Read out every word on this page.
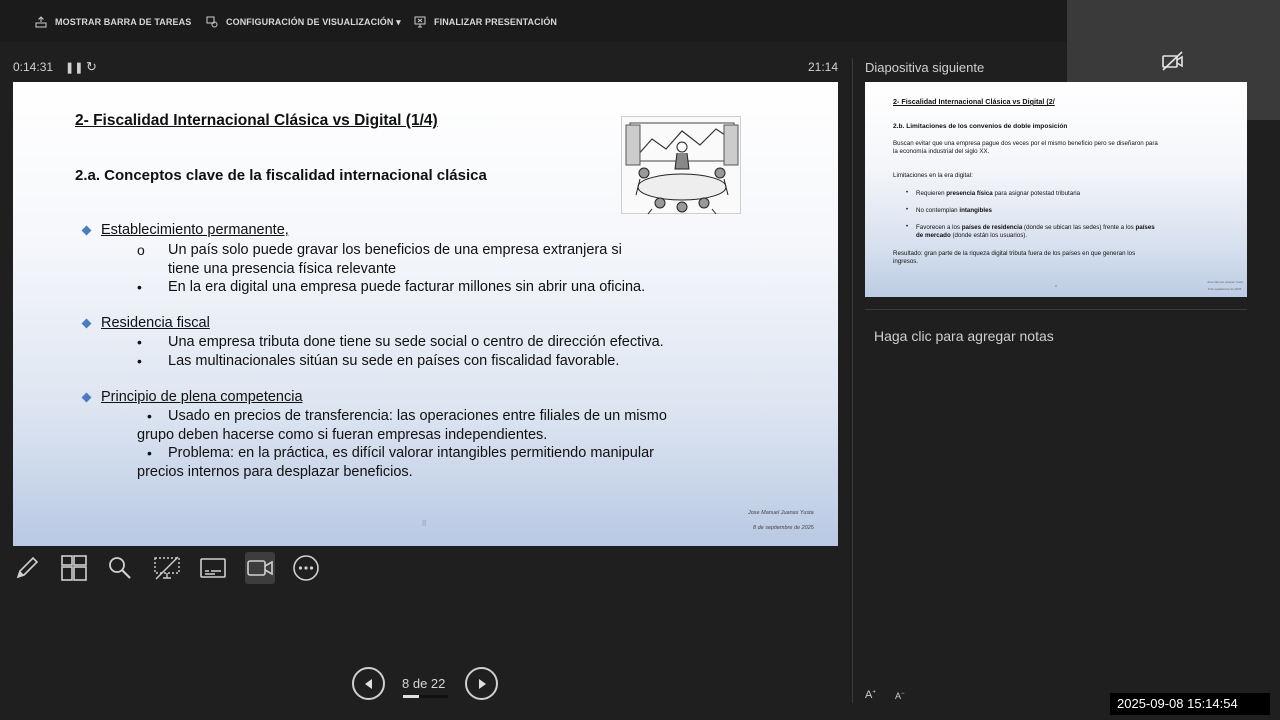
MOSTRAR BARRA DE TAREAS	CONFIGURACIÓN DE VISUALIZACIÓN ▾	FINALIZAR PRESENTACIÓN
0:14:31 ❚❚ ↻	21:14
2- Fiscalidad Internacional Clásica vs Digital (1/4)
2.a. Conceptos clave de la fiscalidad internacional clásica
Establecimiento permanente,
o Un país solo puede gravar los beneficios de una empresa extranjera si
tiene una presencia física relevante
• En la era digital una empresa puede facturar millones sin abrir una oficina.
Residencia fiscal
• Una empresa tributa done tiene su sede social o centro de dirección efectiva.
• Las multinacionales sitúan su sede en países con fiscalidad favorable.
Principio de plena competencia
• Usado en precios de transferencia: las operaciones entre filiales de un mismo
grupo deben hacerse como si fueran empresas independientes.
• Problema: en la práctica, es difícil valorar intangibles permitiendo manipular
precios internos para desplazar beneficios.
8
Jose Manuel Juanas Yusta
8 de septiembre de 2025
8 de 22
Diapositiva siguiente
2- Fiscalidad Internacional Clásica vs Digital (2/
2.b. Limitaciones de los convenios de doble imposición
Buscan evitar que una empresa pague dos veces por el mismo beneficio pero se diseñaron para
la economía industrial del siglo XX.
Limitaciones en la era digital:
• Requieren presencia física para asignar potestad tributaria
• No contemplan intangibles
• Favorecen a los países de residencia (donde se ubican las sedes) frente a los países
de mercado (donde están los usuarios).
Resultado: gran parte de la riqueza digital tributa fuera de los países en que generan los
ingresos.
9
Jose Manuel Juanas Yusta
8 de septiembre de 2025
Haga clic para agregar notas
A+ A−
2025-09-08 15:14:54
